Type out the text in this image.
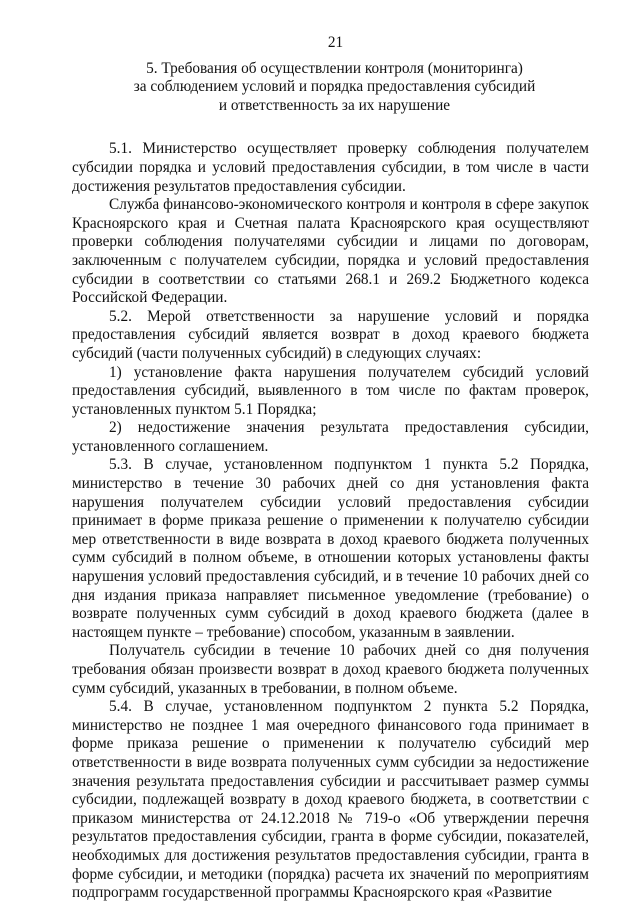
21
5. Требования об осуществлении контроля (мониторинга)
за соблюдением условий и порядка предоставления субсидий
и ответственность за их нарушение

5.1. Министерство осуществляет проверку соблюдения получателем субсидии порядка и условий предоставления субсидии, в том числе в части достижения результатов предоставления субсидии.

Служба финансово-экономического контроля и контроля в сфере закупок Красноярского края и Счетная палата Красноярского края осуществляют проверки соблюдения получателями субсидии и лицами по договорам, заключенным с получателем субсидии, порядка и условий предоставления субсидии в соответствии со статьями 268.1 и 269.2 Бюджетного кодекса Российской Федерации.

5.2. Мерой ответственности за нарушение условий и порядка предоставления субсидий является возврат в доход краевого бюджета субсидий (части полученных субсидий) в следующих случаях:

1) установление факта нарушения получателем субсидий условий предоставления субсидий, выявленного в том числе по фактам проверок, установленных пунктом 5.1 Порядка;

2) недостижение значения результата предоставления субсидии, установленного соглашением.

5.3. В случае, установленном подпунктом 1 пункта 5.2 Порядка, министерство в течение 30 рабочих дней со дня установления факта нарушения получателем субсидии условий предоставления субсидии принимает в форме приказа решение о применении к получателю субсидии мер ответственности в виде возврата в доход краевого бюджета полученных сумм субсидий в полном объеме, в отношении которых установлены факты нарушения условий предоставления субсидий, и в течение 10 рабочих дней со дня издания приказа направляет письменное уведомление (требование) о возврате полученных сумм субсидий в доход краевого бюджета (далее в настоящем пункте – требование) способом, указанным в заявлении.

Получатель субсидии в течение 10 рабочих дней со дня получения требования обязан произвести возврат в доход краевого бюджета полученных сумм субсидий, указанных в требовании, в полном объеме.

5.4. В случае, установленном подпунктом 2 пункта 5.2 Порядка, министерство не позднее 1 мая очередного финансового года принимает в форме приказа решение о применении к получателю субсидий мер ответственности в виде возврата полученных сумм субсидии за недостижение значения результата предоставления субсидии и рассчитывает размер суммы субсидии, подлежащей возврату в доход краевого бюджета, в соответствии с приказом министерства от 24.12.2018 № 719-о «Об утверждении перечня результатов предоставления субсидии, гранта в форме субсидии, показателей, необходимых для достижения результатов предоставления субсидии, гранта в форме субсидии, и методики (порядка) расчета их значений по мероприятиям подпрограмм государственной программы Красноярского края «Развитие
